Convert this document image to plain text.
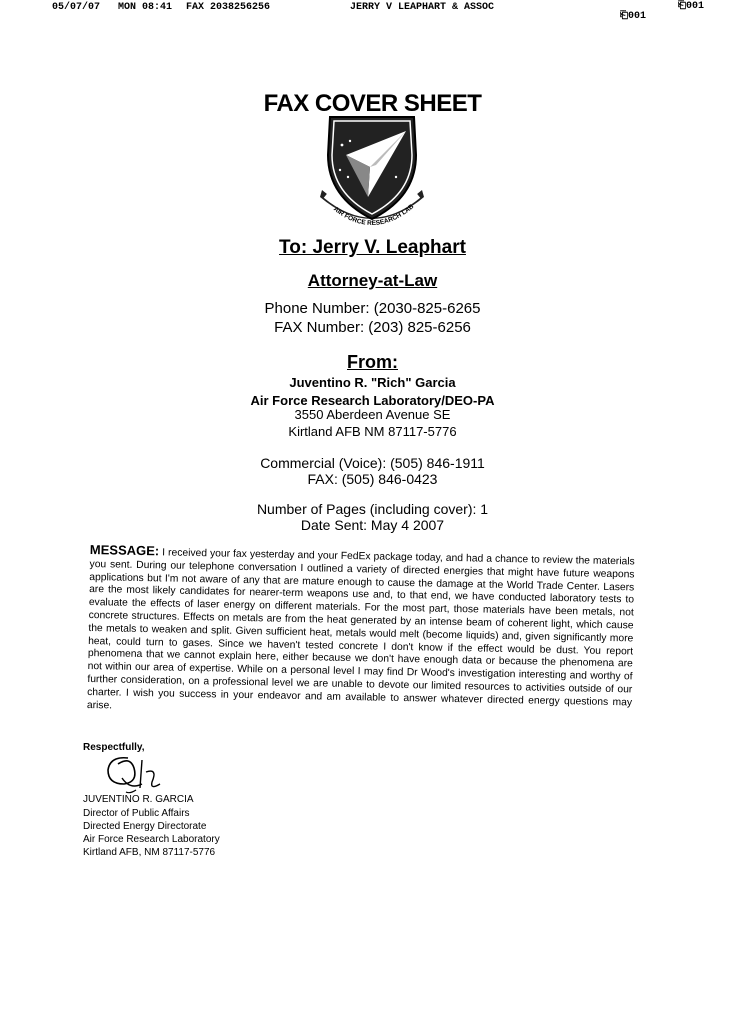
05/07/07 MON 08:41 FAX 2038256256	JERRY V LEAPHART & ASSOC
⎗001
⎗001
FAX COVER SHEET
AIR FORCE RESEARCH LAB
To: Jerry V. Leaphart
Attorney-at-Law
Phone Number: (2030-825-6265
FAX Number: (203) 825-6256
From:
Juventino R. "Rich" Garcia
Air Force Research Laboratory/DEO-PA
3550 Aberdeen Avenue SE
Kirtland AFB NM 87117-5776
Commercial (Voice): (505) 846-1911
FAX: (505) 846-0423
Number of Pages (including cover): 1
Date Sent: May 4 2007
MESSAGE: I received your fax yesterday and your FedEx package today, and had a chance to review the materials you sent. During our telephone conversation I outlined a variety of directed energies that might have future weapons applications but I'm not aware of any that are mature enough to cause the damage at the World Trade Center. Lasers are the most likely candidates for nearer-term weapons use and, to that end, we have conducted laboratory tests to evaluate the effects of laser energy on different materials. For the most part, those materials have been metals, not concrete structures. Effects on metals are from the heat generated by an intense beam of coherent light, which cause the metals to weaken and split. Given sufficient heat, metals would melt (become liquids) and, given significantly more heat, could turn to gases. Since we haven't tested concrete I don't know if the effect would be dust. You report phenomena that we cannot explain here, either because we don't have enough data or because the phenomena are not within our area of expertise. While on a personal level I may find Dr Wood's investigation interesting and worthy of further consideration, on a professional level we are unable to devote our limited resources to activities outside of our charter. I wish you success in your endeavor and am available to answer whatever directed energy questions may arise.
Respectfully,
JUVENTINO R. GARCIA
Director of Public Affairs
Directed Energy Directorate
Air Force Research Laboratory
Kirtland AFB, NM 87117-5776
